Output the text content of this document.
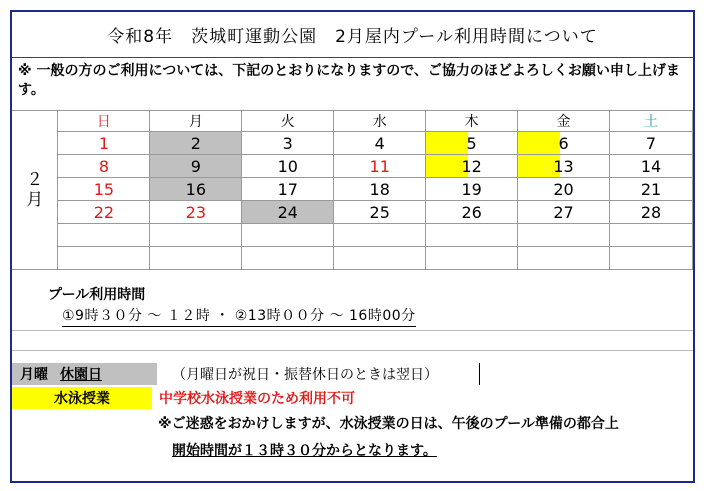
令和8年　茨城町運動公園　2月屋内プール利用時間について
※ 一般の方のご利用については、下記のとおりになりますので、ご協力のほどよろしくお願い申し上げます。
２
月	日	月	火	水	木	金	土
	1	2	3	4	5	6	7
	8	9	10	11	12	13	14
	15	16	17	18	19	20	21
	22	23	24	25	26	27	28

プール利用時間
①9時３０分 ～ １２時 ・ ②13時００分 ～ 16時00分
月曜 休園日	（月曜日が祝日・振替休日のときは翌日）
水泳授業	中学校水泳授業のため利用不可
※ご迷惑をおかけしますが、水泳授業の日は、午後のプール準備の都合上
開始時間が１３時３０分からとなります。
